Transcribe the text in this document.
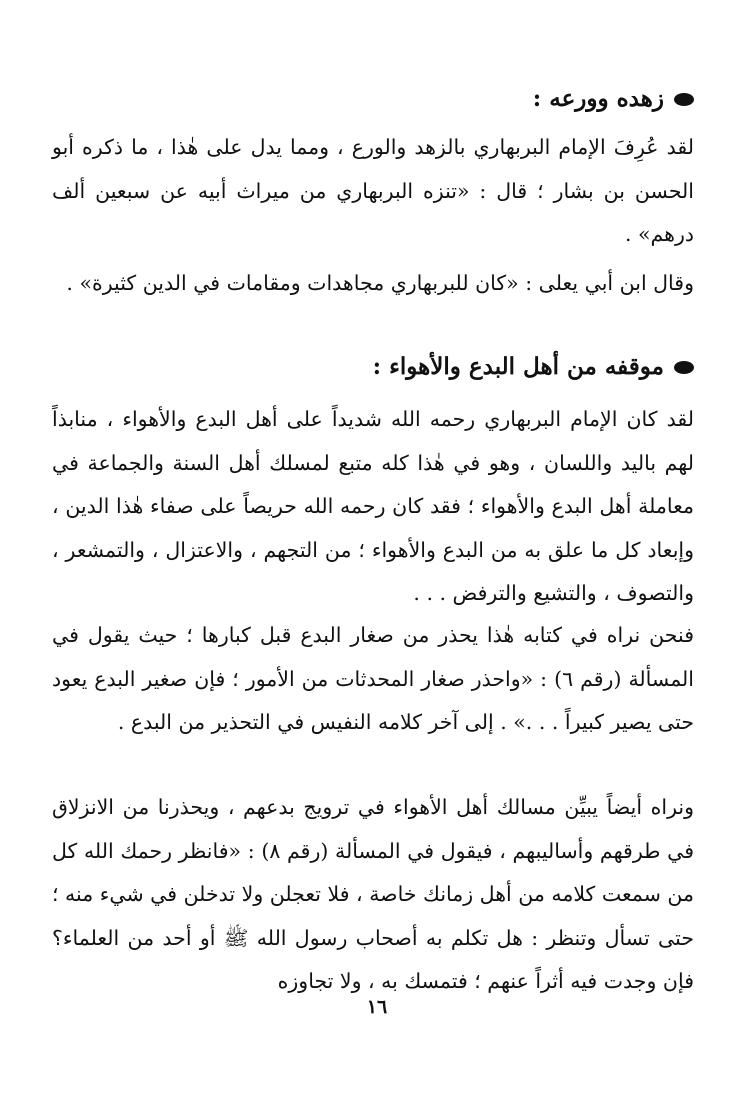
زهده وورعه :

لقد عُرِفَ الإمام البربهاري بالزهد والورع ، ومما يدل على هٰذا ، ما ذكره أبو الحسن بن بشار ؛ قال : «تنزه البربهاري من ميراث أبيه عن سبعين ألف درهم» .

وقال ابن أبي يعلى : «كان للبربهاري مجاهدات ومقامات في الدين كثيرة» .

موقفه من أهل البدع والأهواء :

لقد كان الإمام البربهاري رحمه الله شديداً على أهل البدع والأهواء ، منابذاً لهم باليد واللسان ، وهو في هٰذا كله متبع لمسلك أهل السنة والجماعة في معاملة أهل البدع والأهواء ؛ فقد كان رحمه الله حريصاً على صفاء هٰذا الدين ، وإبعاد كل ما علق به من البدع والأهواء ؛ من التجهم ، والاعتزال ، والتمشعر ، والتصوف ، والتشيع والترفض . . .

فنحن نراه في كتابه هٰذا يحذر من صغار البدع قبل كبارها ؛ حيث يقول في المسألة (رقم ٦) : «واحذر صغار المحدثات من الأمور ؛ فإن صغير البدع يعود حتى يصير كبيراً . . .» . إلى آخر كلامه النفيس في التحذير من البدع .

ونراه أيضاً يبيِّن مسالك أهل الأهواء في ترويج بدعهم ، ويحذرنا من الانزلاق في طرقهم وأساليبهم ، فيقول في المسألة (رقم ٨) : «فانظر رحمك الله كل من سمعت كلامه من أهل زمانك خاصة ، فلا تعجلن ولا تدخلن في شيء منه ؛ حتى تسأل وتنظر : هل تكلم به أصحاب رسول الله ﷺ أو أحد من العلماء؟ فإن وجدت فيه أثراً عنهم ؛ فتمسك به ، ولا تجاوزه

١٦
